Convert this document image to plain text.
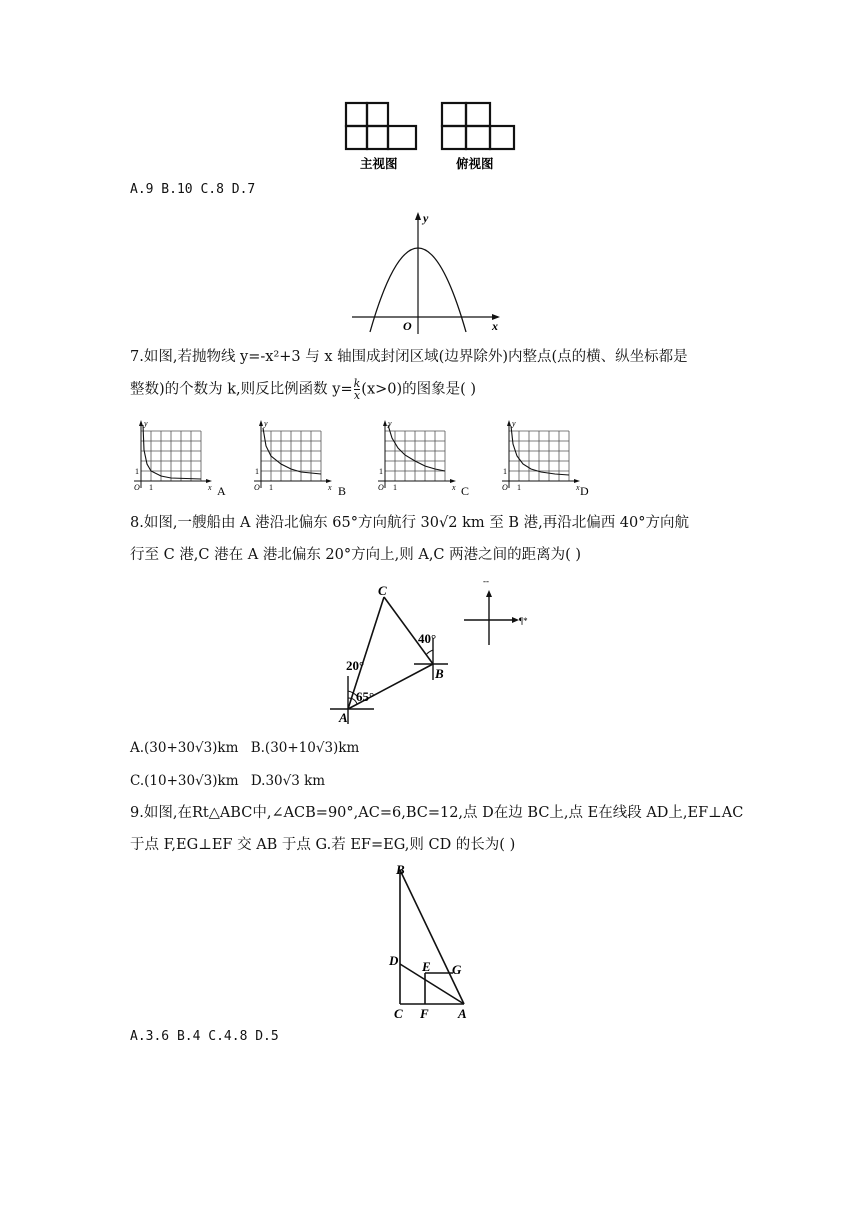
主视图	俯视图
A.9 B.10 C.8 D.7
y
x
O
7.如图,若抛物线 y=-x²+3 与 x 轴围成封闭区域(边界除外)内整点(点的横、纵坐标都是
整数)的个数为 k,则反比例函数 $y= \frac{k}{x} (x>0)$的图象是( )
y
x
O 1
1
A
y
x
O 1
1
B
y
x
O 1
1
C
y
x
O 1
1
D
8.如图,一艘船由 A 港沿北偏东 65°方向航行 30√2 km 至 B 港,再沿北偏西 40°方向航
行至 C 港,C 港在 A 港北偏东 20°方向上,则 A,C 两港之间的距离为( )
--
¶*
C
B
A
20°
65°
40°
A.(30+30√3)km B.(30+10√3)km
C.(10+30√3)km D.30√3 km
9.如图,在Rt△ABC中,∠ACB=90°,AC=6,BC=12,点 D在边 BC上,点 E在线段 AD上,EF⊥AC
于点 F,EG⊥EF 交 AB 于点 G.若 EF=EG,则 CD 的长为( )
B
D E G
C F A
A.3.6 B.4 C.4.8 D.5
